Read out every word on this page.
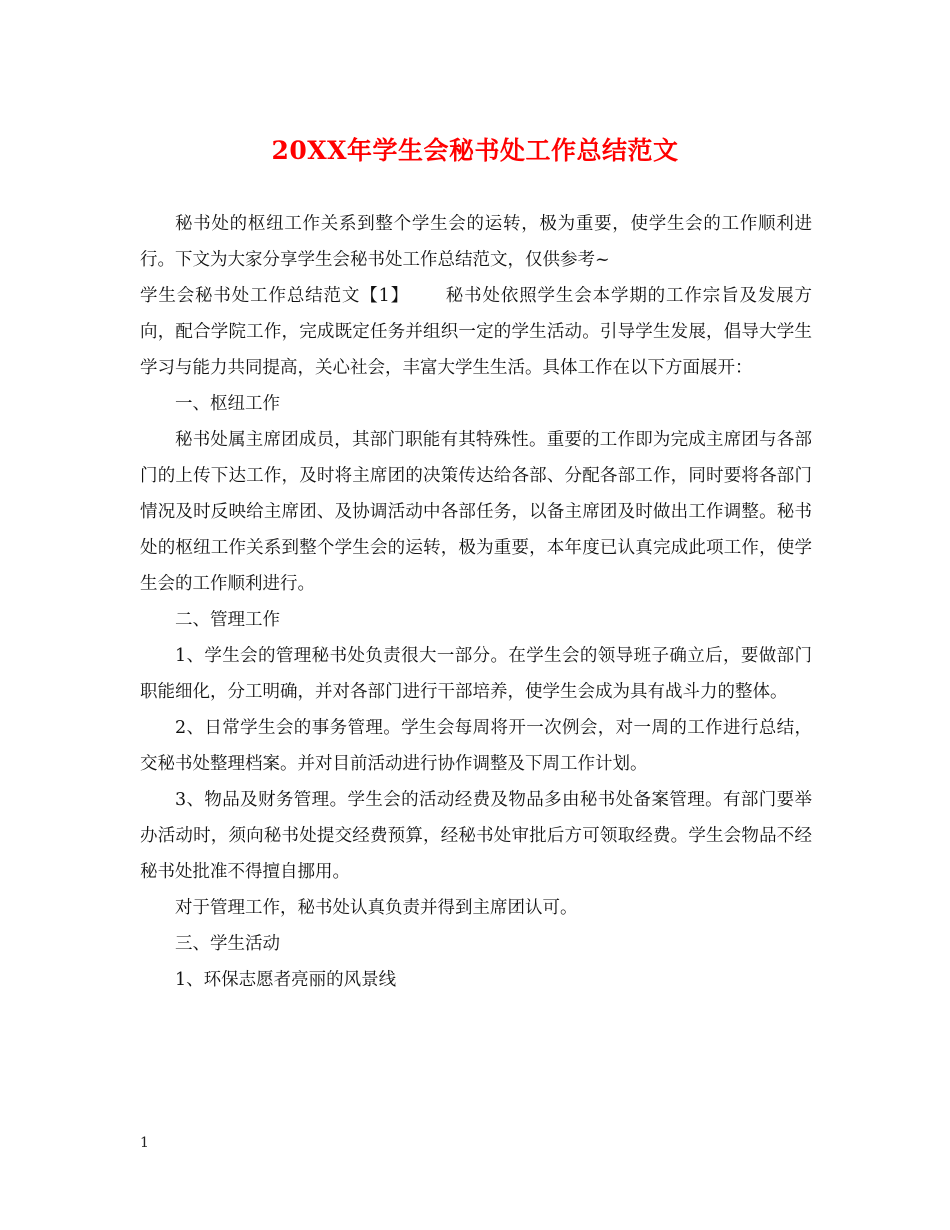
20XX年学生会秘书处工作总结范文

秘书处的枢纽工作关系到整个学生会的运转，极为重要，使学生会的工作顺利进行。下文为大家分享学生会秘书处工作总结范文，仅供参考~

学生会秘书处工作总结范文【1】 秘书处依照学生会本学期的工作宗旨及发展方向，配合学院工作，完成既定任务并组织一定的学生活动。引导学生发展，倡导大学生学习与能力共同提高，关心社会，丰富大学生生活。具体工作在以下方面展开：

一、枢纽工作

秘书处属主席团成员，其部门职能有其特殊性。重要的工作即为完成主席团与各部门的上传下达工作，及时将主席团的决策传达给各部、分配各部工作，同时要将各部门情况及时反映给主席团、及协调活动中各部任务，以备主席团及时做出工作调整。秘书处的枢纽工作关系到整个学生会的运转，极为重要，本年度已认真完成此项工作，使学生会的工作顺利进行。

二、管理工作

1、学生会的管理秘书处负责很大一部分。在学生会的领导班子确立后，要做部门职能细化，分工明确，并对各部门进行干部培养，使学生会成为具有战斗力的整体。

2、日常学生会的事务管理。学生会每周将开一次例会，对一周的工作进行总结，交秘书处整理档案。并对目前活动进行协作调整及下周工作计划。

3、物品及财务管理。学生会的活动经费及物品多由秘书处备案管理。有部门要举办活动时，须向秘书处提交经费预算，经秘书处审批后方可领取经费。学生会物品不经秘书处批准不得擅自挪用。

对于管理工作，秘书处认真负责并得到主席团认可。

三、学生活动

1、环保志愿者亮丽的风景线

1
